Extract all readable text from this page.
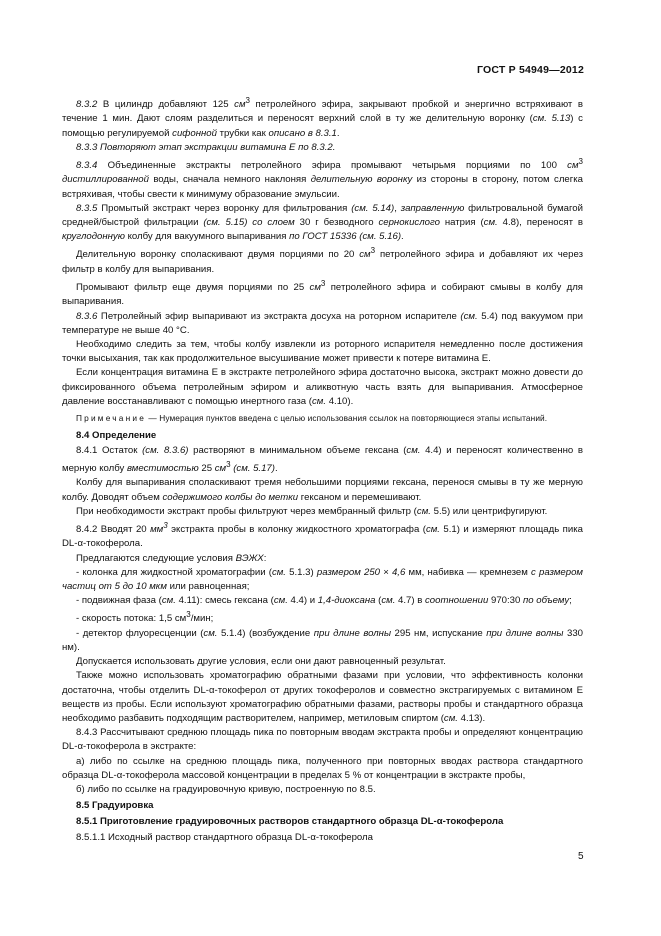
ГОСТ Р 54949—2012

8.3.2 В цилиндр добавляют 125 $см^3$ петролейного эфира, закрывают пробкой и энергично встряхивают в течение 1 мин. Дают слоям разделиться и переносят верхний слой в ту же делительную воронку (см. 5.13) с помощью регулируемой сифонной трубки как описано в 8.3.1.

8.3.3 Повторяют этап экстракции витамина Е по 8.3.2.

8.3.4 Объединенные экстракты петролейного эфира промывают четырьмя порциями по 100 $см^3$ дистиллированной воды, сначала немного наклоняя делительную воронку из стороны в сторону, потом слегка встряхивая, чтобы свести к минимуму образование эмульсии.

8.3.5 Промытый экстракт через воронку для фильтрования (см. 5.14), заправленную фильтровальной бумагой средней/быстрой фильтрации (см. 5.15) со слоем 30 г безводного сернокислого натрия (см. 4.8), переносят в круглодонную колбу для вакуумного выпаривания по ГОСТ 15336 (см. 5.16).

Делительную воронку споласкивают двумя порциями по 20 $см^3$ петролейного эфира и добавляют их через фильтр в колбу для выпаривания.

Промывают фильтр еще двумя порциями по 25 $см^3$ петролейного эфира и собирают смывы в колбу для выпаривания.

8.3.6 Петролейный эфир выпаривают из экстракта досуха на роторном испарителе (см. 5.4) под вакуумом при температуре не выше 40 °С.

Необходимо следить за тем, чтобы колбу извлекли из роторного испарителя немедленно после достижения точки высыхания, так как продолжительное высушивание может привести к потере витамина Е.

Если концентрация витамина Е в экстракте петролейного эфира достаточно высока, экстракт можно довести до фиксированного объема петролейным эфиром и аликвотную часть взять для выпаривания. Атмосферное давление восстанавливают с помощью инертного газа (см. 4.10).

Примечание — Нумерация пунктов введена с целью использования ссылок на повторяющиеся этапы испытаний.

8.4 Определение

8.4.1 Остаток (см. 8.3.6) растворяют в минимальном объеме гексана (см. 4.4) и переносят количественно в мерную колбу вместимостью 25 $см^3$ (см. 5.17).

Колбу для выпаривания споласкивают тремя небольшими порциями гексана, перенося смывы в ту же мерную колбу. Доводят объем содержимого колбы до метки гексаном и перемешивают.

При необходимости экстракт пробы фильтруют через мембранный фильтр (см. 5.5) или центрифугируют.

8.4.2 Вводят 20 $мм^3$ экстракта пробы в колонку жидкостного хроматографа (см. 5.1) и измеряют площадь пика DL-α-токоферола.

Предлагаются следующие условия ВЭЖХ:

- колонка для жидкостной хроматографии (см. 5.1.3) размером 250 × 4,6 мм, набивка — кремнезем с размером частиц от 5 до 10 мкм или равноценная;

- подвижная фаза (см. 4.11): смесь гексана (см. 4.4) и 1,4-диоксана (см. 4.7) в соотношении 970:30 по объему;

- скорость потока: 1,5 $см^3$/мин;

- детектор флуоресценции (см. 5.1.4) (возбуждение при длине волны 295 нм, испускание при длине волны 330 нм).

Допускается использовать другие условия, если они дают равноценный результат.

Также можно использовать хроматографию обратными фазами при условии, что эффективность колонки достаточна, чтобы отделить DL-α-токоферол от других токоферолов и совместно экстрагируемых с витамином Е веществ из пробы. Если используют хроматографию обратными фазами, растворы пробы и стандартного образца необходимо разбавить подходящим растворителем, например, метиловым спиртом (см. 4.13).

8.4.3 Рассчитывают среднюю площадь пика по повторным вводам экстракта пробы и определяют концентрацию DL-α-токоферола в экстракте:

а) либо по ссылке на среднюю площадь пика, полученного при повторных вводах раствора стандартного образца DL-α-токоферола массовой концентрации в пределах 5 % от концентрации в экстракте пробы,

б) либо по ссылке на градуировочную кривую, построенную по 8.5.

8.5 Градуировка

8.5.1 Приготовление градуировочных растворов стандартного образца DL-α-токоферола

8.5.1.1 Исходный раствор стандартного образца DL-α-токоферола

5
